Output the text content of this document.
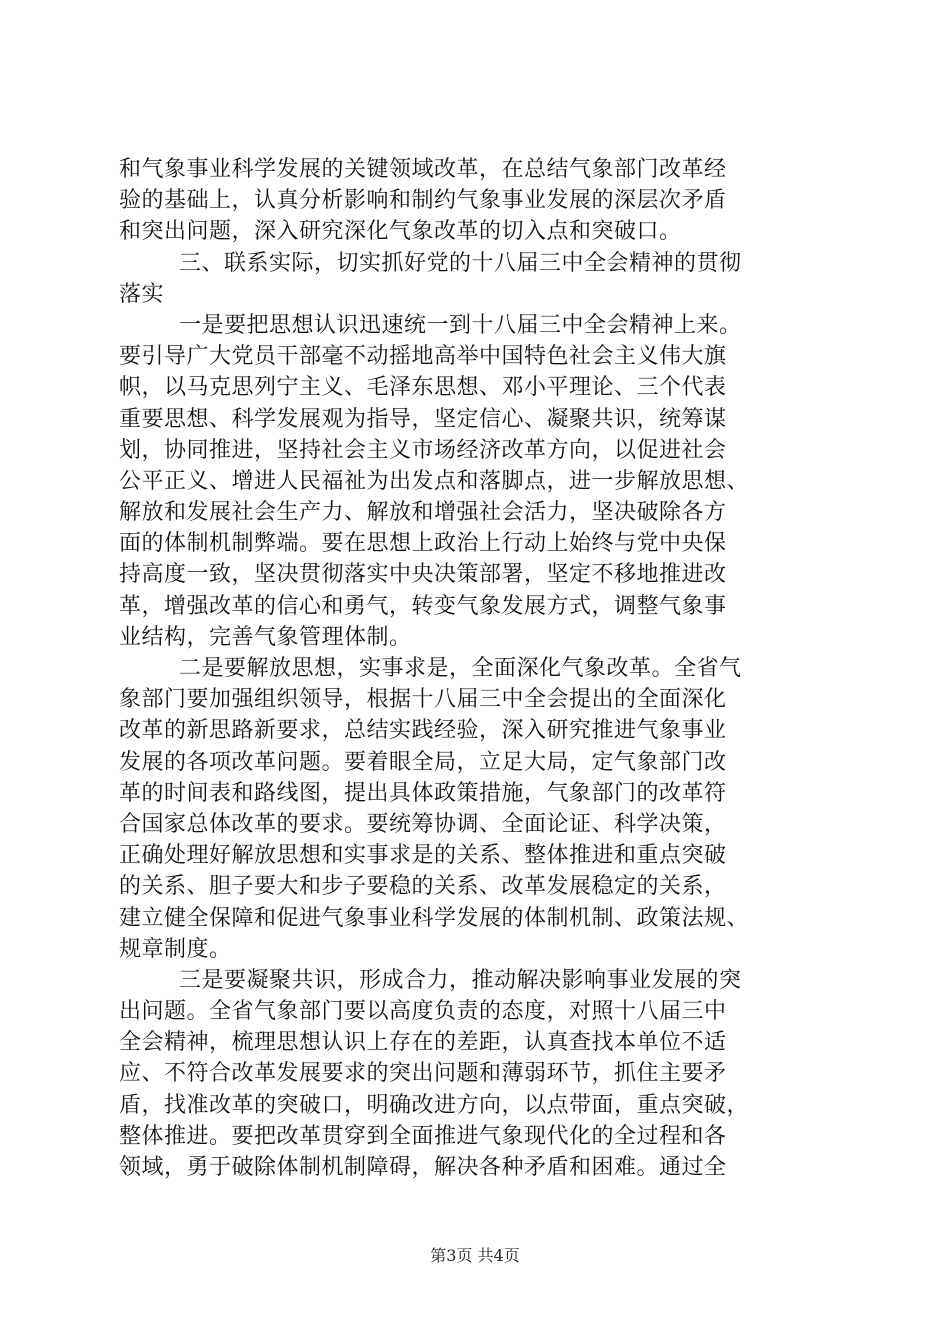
和气象事业科学发展的关键领域改革，在总结气象部门改革经
验的基础上，认真分析影响和制约气象事业发展的深层次矛盾
和突出问题，深入研究深化气象改革的切入点和突破口。
三、联系实际，切实抓好党的十八届三中全会精神的贯彻
落实
一是要把思想认识迅速统一到十八届三中全会精神上来。
要引导广大党员干部毫不动摇地高举中国特色社会主义伟大旗
帜，以马克思列宁主义、毛泽东思想、邓小平理论、三个代表
重要思想、科学发展观为指导，坚定信心、凝聚共识，统筹谋
划，协同推进，坚持社会主义市场经济改革方向，以促进社会
公平正义、增进人民福祉为出发点和落脚点，进一步解放思想、
解放和发展社会生产力、解放和增强社会活力，坚决破除各方
面的体制机制弊端。要在思想上政治上行动上始终与党中央保
持高度一致，坚决贯彻落实中央决策部署，坚定不移地推进改
革，增强改革的信心和勇气，转变气象发展方式，调整气象事
业结构，完善气象管理体制。
二是要解放思想，实事求是，全面深化气象改革。全省气
象部门要加强组织领导，根据十八届三中全会提出的全面深化
改革的新思路新要求，总结实践经验，深入研究推进气象事业
发展的各项改革问题。要着眼全局，立足大局，定气象部门改
革的时间表和路线图，提出具体政策措施，气象部门的改革符
合国家总体改革的要求。要统筹协调、全面论证、科学决策，
正确处理好解放思想和实事求是的关系、整体推进和重点突破
的关系、胆子要大和步子要稳的关系、改革发展稳定的关系，
建立健全保障和促进气象事业科学发展的体制机制、政策法规、
规章制度。
三是要凝聚共识，形成合力，推动解决影响事业发展的突
出问题。全省气象部门要以高度负责的态度，对照十八届三中
全会精神，梳理思想认识上存在的差距，认真查找本单位不适
应、不符合改革发展要求的突出问题和薄弱环节，抓住主要矛
盾，找准改革的突破口，明确改进方向，以点带面，重点突破，
整体推进。要把改革贯穿到全面推进气象现代化的全过程和各
领域，勇于破除体制机制障碍，解决各种矛盾和困难。通过全
第3页 共4页
